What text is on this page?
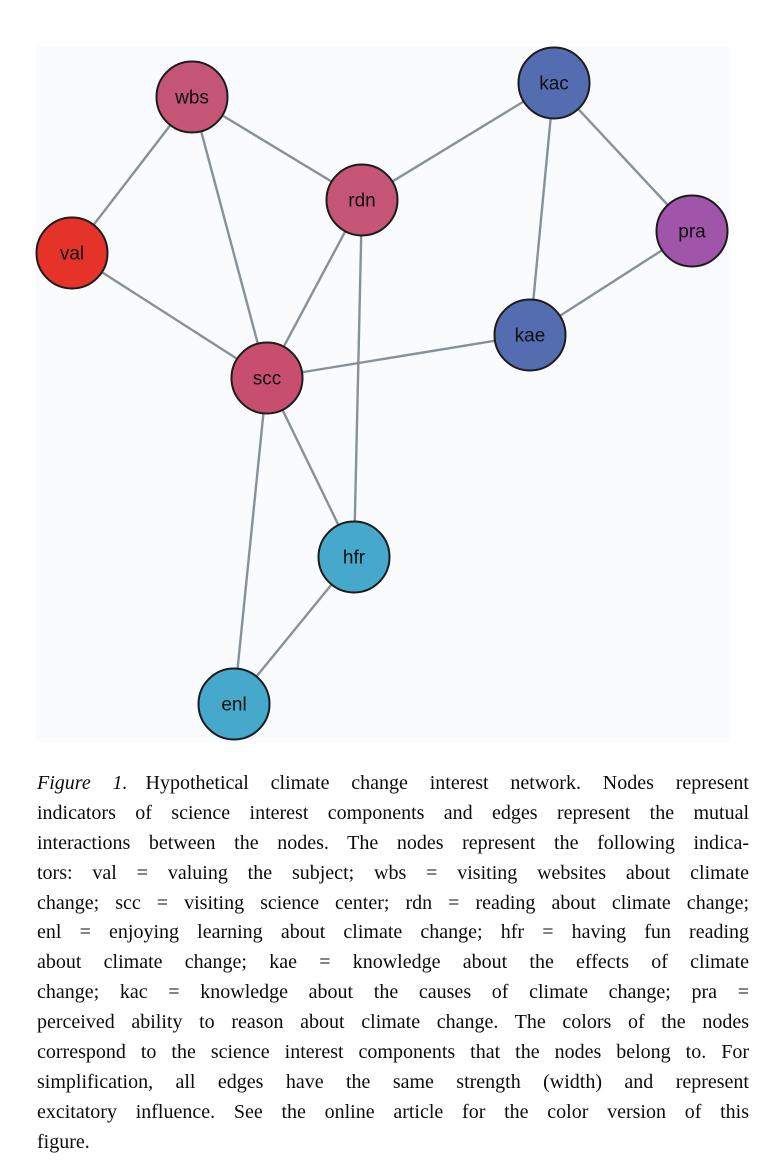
wbs
val
rdn
scc
kac
pra
kae
hfr
enl
Figure 1. Hypothetical climate change interest network. Nodes represent
indicators of science interest components and edges represent the mutual
interactions between the nodes. The nodes represent the following indica-
tors: val = valuing the subject; wbs = visiting websites about climate
change; scc = visiting science center; rdn = reading about climate change;
enl = enjoying learning about climate change; hfr = having fun reading
about climate change; kae = knowledge about the effects of climate
change; kac = knowledge about the causes of climate change; pra =
perceived ability to reason about climate change. The colors of the nodes
correspond to the science interest components that the nodes belong to. For
simplification, all edges have the same strength (width) and represent
excitatory influence. See the online article for the color version of this
figure.
